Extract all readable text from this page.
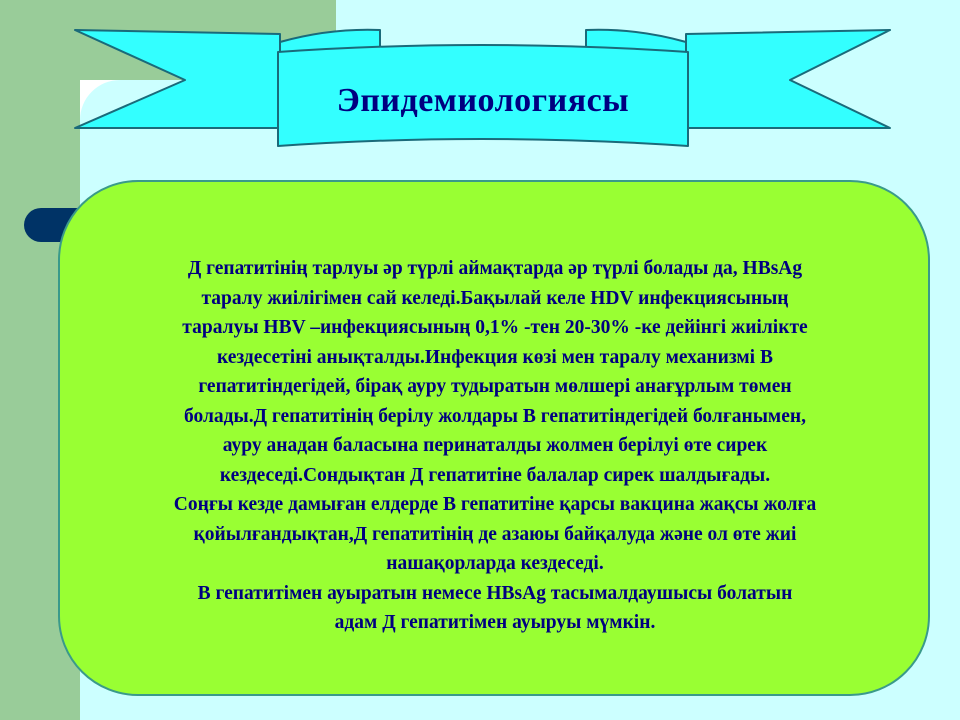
Эпидемиологиясы

Д гепатитінің тарлуы әр түрлі аймақтарда әр түрлі болады да, HBsAg

таралу жиілігімен сай келеді.Бақылай келе HDV инфекциясының

таралуы HBV –инфекциясының 0,1% -тен 20-30% -ке дейінгі жиілікте

кездесетіні анықталды.Инфекция көзі мен таралу механизмі В

гепатитіндегідей, бірақ ауру тудыратын мөлшері анағұрлым төмен

болады.Д гепатитінің берілу жолдары В гепатитіндегідей болғанымен,

ауру анадан баласына перинаталды жолмен берілуі өте сирек

кездеседі.Сондықтан Д гепатитіне балалар сирек шалдығады.

Соңғы кезде дамыған елдерде В гепатитіне қарсы вакцина жақсы жолға

қойылғандықтан,Д гепатитінің де азаюы байқалуда және ол өте жиі

нашақорларда кездеседі.

В гепатитімен ауыратын немесе HBsAg тасымалдаушысы болатын

адам Д гепатитімен ауыруы мүмкін.
